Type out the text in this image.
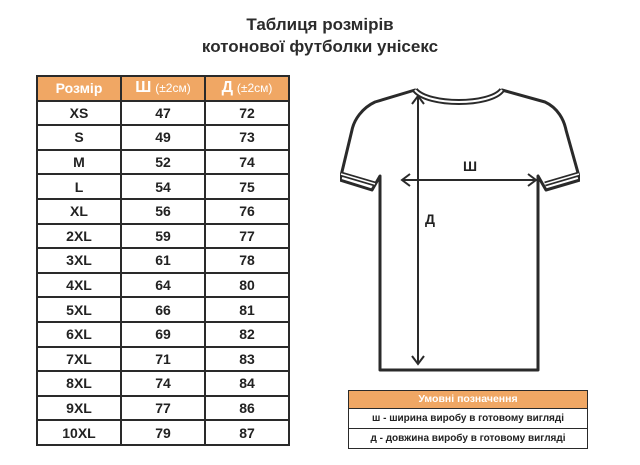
Таблиця розмірів
котонової футболки унісекс
Розмір	Ш (±2см)	Д (±2см)
XS	47	72
S	49	73
M	52	74
L	54	75
XL	56	76
2XL	59	77
3XL	61	78
4XL	64	80
5XL	66	81
6XL	69	82
7XL	71	83
8XL	74	84
9XL	77	86
10XL	79	87
Ш
Д
Умовні позначення
ш - ширина виробу в готовому вигляді
д - довжина виробу в готовому вигляді
